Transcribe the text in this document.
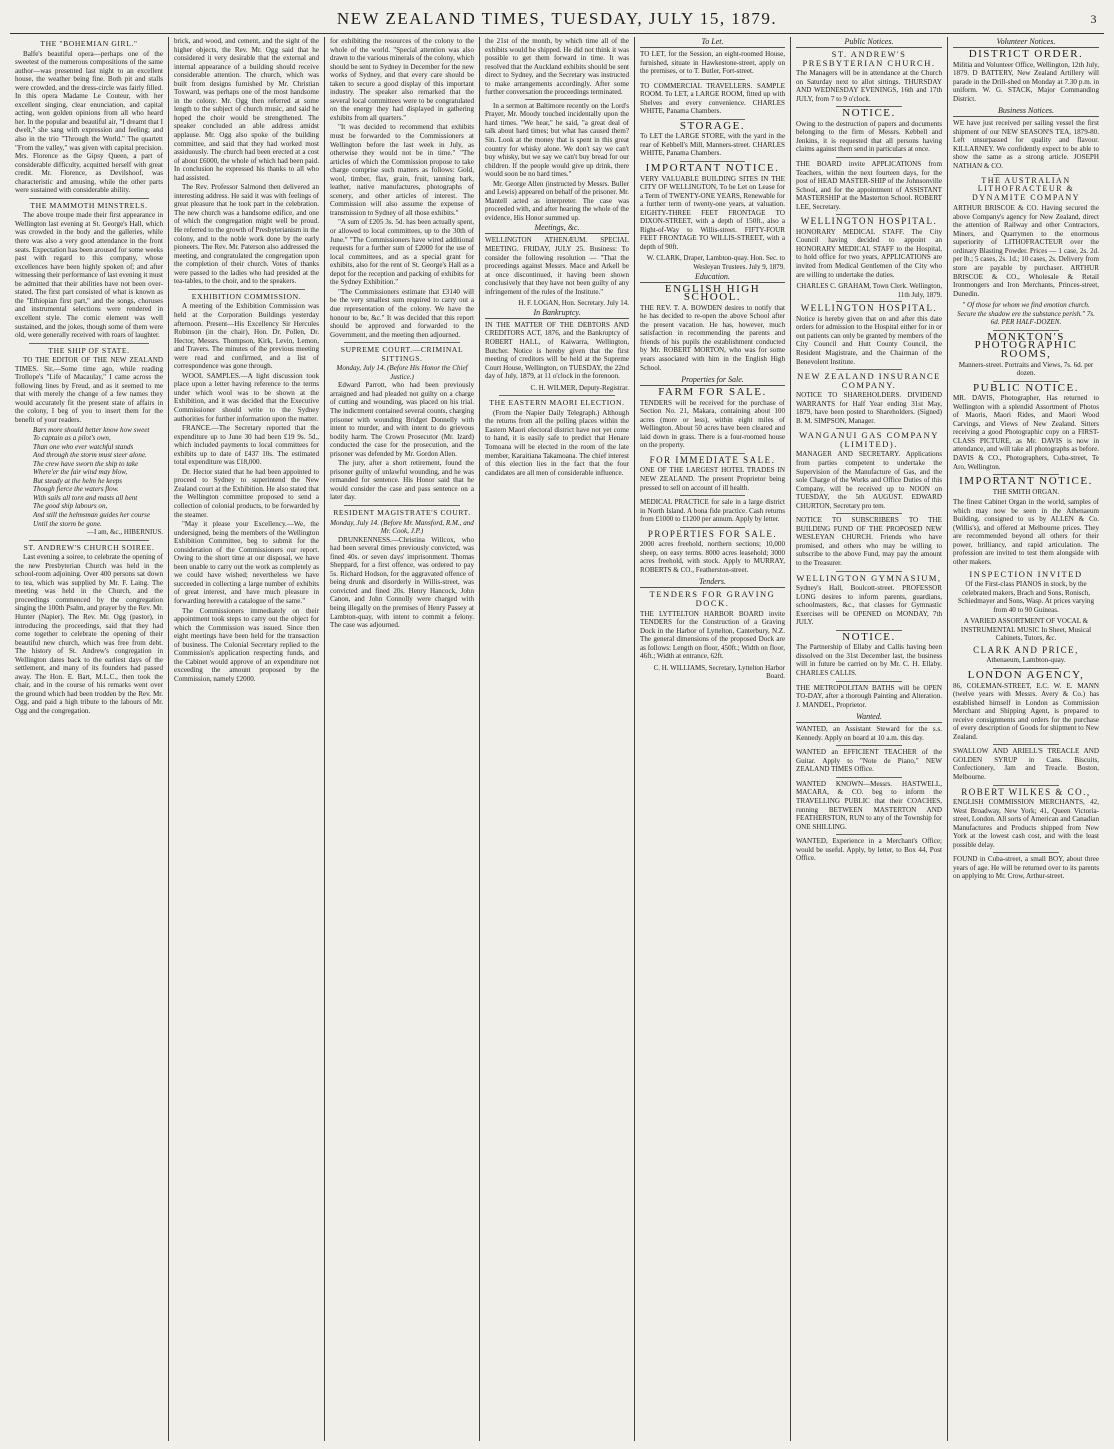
NEW ZEALAND TIMES, TUESDAY, JULY 15, 1879.	3
THE "BOHEMIAN GIRL."

Balfe's beautiful opera—perhaps one of the sweetest of the numerous compositions of the same author—was presented last night to an excellent house, the weather being fine. Both pit and stalls were crowded, and the dress-circle was fairly filled. In this opera Madame Le Couteur, with her excellent singing, clear enunciation, and capital acting, won golden opinions from all who heard her. In the popular and beautiful air, "I dreamt that I dwelt," she sang with expression and feeling; and also in the trio "Through the World." The quartett "From the valley," was given with capital precision. Mrs. Florence as the Gipsy Queen, a part of considerable difficulty, acquitted herself with great credit. Mr. Florence, as Devilshoof, was characteristic and amusing, while the other parts were sustained with considerable ability.

THE MAMMOTH MINSTRELS.

The above troupe made their first appearance in Wellington last evening at St. George's Hall, which was crowded in the body and the galleries, while there was also a very good attendance in the front seats. Expectation has been aroused for some weeks past with regard to this company, whose excellences have been highly spoken of; and after witnessing their performance of last evening it must be admitted that their abilities have not been over-stated. The first part consisted of what is known as the "Ethiopian first part," and the songs, choruses and instrumental selections were rendered in excellent style. The comic element was well sustained, and the jokes, though some of them were old, were generally received with roars of laughter.

THE SHIP OF STATE.

TO THE EDITOR OF THE NEW ZEALAND TIMES. Sir,—Some time ago, while reading Trollope's "Life of Macaulay," I came across the following lines by Freud, and as it seemed to me that with merely the change of a few names they would accurately fit the present state of affairs in the colony, I beg of you to insert them for the benefit of your readers.

Bars more should better know how sweet
To captain as a pilot's own,
Than one who ever watchful stands
And through the storm must steer alone.
The crew have sworn the ship to take
Where'er the fair wind may blow,
But steady at the helm he keeps
Though fierce the waters flow.
With sails all torn and masts all bent
The good ship labours on,
And still the helmsman guides her course
Until the storm be gone.
—I am, &c., HIBERNIUS.
ST. ANDREW'S CHURCH SOIREE.

Last evening a soiree, to celebrate the opening of the new Presbyterian Church was held in the school-room adjoining. Over 400 persons sat down to tea, which was supplied by Mr. F. Laing. The meeting was held in the Church, and the proceedings commenced by the congregation singing the 100th Psalm, and prayer by the Rev. Mr. Hunter (Napier). The Rev. Mr. Ogg (pastor), in introducing the proceedings, said that they had come together to celebrate the opening of their beautiful new church, which was free from debt. The history of St. Andrew's congregation in Wellington dates back to the earliest days of the settlement, and many of its founders had passed away. The Hon. E. Bart, M.L.C., then took the chair, and in the course of his remarks went over the ground which had been trodden by the Rev. Mr. Ogg, and paid a high tribute to the labours of Mr. Ogg and the congregation.

brick, and wood, and cement, and the sight of the higher objects, the Rev. Mr. Ogg said that he considered it very desirable that the external and internal appearance of a building should receive considerable attention. The church, which was built from designs furnished by Mr. Christian Toxward, was perhaps one of the most handsome in the colony. Mr. Ogg then referred at some length to the subject of church music, and said he hoped the choir would be strengthened. The speaker concluded an able address amidst applause. Mr. Ogg also spoke of the building committee, and said that they had worked most assiduously. The church had been erected at a cost of about £6000, the whole of which had been paid. In conclusion he expressed his thanks to all who had assisted.

The Rev. Professor Salmond then delivered an interesting address. He said it was with feelings of great pleasure that he took part in the celebration. The new church was a handsome edifice, and one of which the congregation might well be proud. He referred to the growth of Presbyterianism in the colony, and to the noble work done by the early pioneers. The Rev. Mr. Paterson also addressed the meeting, and congratulated the congregation upon the completion of their church. Votes of thanks were passed to the ladies who had presided at the tea-tables, to the choir, and to the speakers.

EXHIBITION COMMISSION.

A meeting of the Exhibition Commission was held at the Corporation Buildings yesterday afternoon. Present—His Excellency Sir Hercules Robinson (in the chair), Hon. Dr. Pollen, Dr. Hector, Messrs. Thompson, Kirk, Levin, Lemon, and Travers. The minutes of the previous meeting were read and confirmed, and a list of correspondence was gone through.

WOOL SAMPLES.—A light discussion took place upon a letter having reference to the terms under which wool was to be shown at the Exhibition, and it was decided that the Executive Commissioner should write to the Sydney authorities for further information upon the matter.

FRANCE.—The Secretary reported that the expenditure up to June 30 had been £19 9s. 5d., which included payments to local committees for exhibits up to date of £437 10s. The estimated total expenditure was £18,000.

Dr. Hector stated that he had been appointed to proceed to Sydney to superintend the New Zealand court at the Exhibition. He also stated that the Wellington committee proposed to send a collection of colonial products, to be forwarded by the steamer.

"May it please your Excellency.—We, the undersigned, being the members of the Wellington Exhibition Committee, beg to submit for the consideration of the Commissioners our report. Owing to the short time at our disposal, we have been unable to carry out the work as completely as we could have wished; nevertheless we have succeeded in collecting a large number of exhibits of great interest, and have much pleasure in forwarding herewith a catalogue of the same."

The Commissioners immediately on their appointment took steps to carry out the object for which the Commission was issued. Since then eight meetings have been held for the transaction of business. The Colonial Secretary replied to the Commission's application respecting funds, and the Cabinet would approve of an expenditure not exceeding the amount proposed by the Commission, namely £2000.

for exhibiting the resources of the colony to the whole of the world. "Special attention was also drawn to the various minerals of the colony, which should be sent to Sydney in December for the new works of Sydney, and that every care should be taken to secure a good display of this important industry. The speaker also remarked that the several local committees were to be congratulated on the energy they had displayed in gathering exhibits from all quarters."

"It was decided to recommend that exhibits must be forwarded to the Commissioners at Wellington before the last week in July, as otherwise they would not be in time." "The articles of which the Commission propose to take charge comprise such matters as follows: Gold, wool, timber, flax, grain, fruit, tanning bark, leather, native manufactures, photographs of scenery, and other articles of interest. The Commission will also assume the expense of transmission to Sydney of all those exhibits."

"A sum of £205 3s. 5d. has been actually spent, or allowed to local committees, up to the 30th of June." "The Commissioners have wired additional requests for a further sum of £2000 for the use of local committees, and as a special grant for exhibits, also for the rent of St. George's Hall as a depot for the reception and packing of exhibits for the Sydney Exhibition."

"The Commissioners estimate that £3140 will be the very smallest sum required to carry out a due representation of the colony. We have the honour to be, &c." It was decided that this report should be approved and forwarded to the Government, and the meeting then adjourned.

SUPREME COURT.—CRIMINAL SITTINGS.
Monday, July 14. (Before His Honor the Chief Justice.)

Edward Parrott, who had been previously arraigned and had pleaded not guilty on a charge of cutting and wounding, was placed on his trial. The indictment contained several counts, charging prisoner with wounding Bridget Donnelly with intent to murder, and with intent to do grievous bodily harm. The Crown Prosecutor (Mr. Izard) conducted the case for the prosecution, and the prisoner was defended by Mr. Gordon Allen.

The jury, after a short retirement, found the prisoner guilty of unlawful wounding, and he was remanded for sentence. His Honor said that he would consider the case and pass sentence on a later day.

RESIDENT MAGISTRATE'S COURT.
Monday, July 14. (Before Mr. Mansford, R.M., and Mr. Cook, J.P.)

DRUNKENNESS.—Christina Willcox, who had been several times previously convicted, was fined 40s. or seven days' imprisonment. Thomas Sheppard, for a first offence, was ordered to pay 5s. Richard Hodson, for the aggravated offence of being drunk and disorderly in Willis-street, was convicted and fined 20s. Henry Hancock, John Canon, and John Connolly were charged with being illegally on the premises of Henry Passey at Lambton-quay, with intent to commit a felony. The case was adjourned.

the 21st of the month, by which time all of the exhibits would be shipped. He did not think it was possible to get them forward in time. It was resolved that the Auckland exhibits should be sent direct to Sydney, and the Secretary was instructed to make arrangements accordingly. After some further conversation the proceedings terminated.

In a sermon at Baltimore recently on the Lord's Prayer, Mr. Moody touched incidentally upon the hard times. "We hear," he said, "a great deal of talk about hard times; but what has caused them? Sin. Look at the money that is spent in this great country for whisky alone. We don't say we can't buy whisky, but we say we can't buy bread for our children. If the people would give up drink, there would soon be no hard times."

Mr. George Allen (instructed by Messrs. Buller and Lewis) appeared on behalf of the prisoner. Mr. Mantell acted as interpreter. The case was proceeded with, and after hearing the whole of the evidence, His Honor summed up.

Meetings, &c.
WELLINGTON ATHENÆUM. SPECIAL MEETING. FRIDAY, JULY 25. Business: To consider the following resolution — "That the proceedings against Messrs. Mace and Arkell be at once discontinued, it having been shown conclusively that they have not been guilty of any infringement of the rules of the Institute."
H. F. LOGAN, Hon. Secretary. July 14.
In Bankruptcy.
IN THE MATTER OF THE DEBTORS AND CREDITORS ACT, 1876, and the Bankruptcy of ROBERT HALL, of Kaiwarra, Wellington, Butcher. Notice is hereby given that the first meeting of creditors will be held at the Supreme Court House, Wellington, on TUESDAY, the 22nd day of July, 1879, at 11 o'clock in the forenoon.
C. H. WILMER, Deputy-Registrar.
THE EASTERN MAORI ELECTION.

(From the Napier Daily Telegraph.) Although the returns from all the polling places within the Eastern Maori electoral district have not yet come to hand, it is easily safe to predict that Henare Tomoana will be elected in the room of the late member, Karaitiana Takamoana. The chief interest of this election lies in the fact that the four candidates are all men of considerable influence.

To Let.
TO LET, for the Session, an eight-roomed House, furnished, situate in Hawkestone-street, apply on the premises, or to T. Butler, Fort-street.
TO COMMERCIAL TRAVELLERS. SAMPLE ROOM. To LET, a LARGE ROOM, fitted up with Shelves and every convenience. CHARLES WHITE, Panama Chambers.
STORAGE.
To LET the LARGE STORE, with the yard in the rear of Kebbell's Mill, Manners-street. CHARLES WHITE, Panama Chambers.
IMPORTANT NOTICE.
VERY VALUABLE BUILDING SITES IN THE CITY OF WELLINGTON, To be Let on Lease for a Term of TWENTY-ONE YEARS, Renewable for a further term of twenty-one years, at valuation. EIGHTY-THREE FEET FRONTAGE TO DIXON-STREET, with a depth of 150ft., also a Right-of-Way to Willis-street. FIFTY-FOUR FEET FRONTAGE TO WILLIS-STREET, with a depth of 90ft.
W. CLARK, Draper, Lambton-quay. Hon. Sec. to Wesleyan Trustees. July 9, 1879.
Education.
ENGLISH HIGH SCHOOL.
THE REV. T. A. BOWDEN desires to notify that he has decided to re-open the above School after the present vacation. He has, however, much satisfaction in recommending the parents and friends of his pupils the establishment conducted by Mr. ROBERT MORTON, who was for some years associated with him in the English High School.
Properties for Sale.
FARM FOR SALE.
TENDERS will be received for the purchase of Section No. 21, Makara, containing about 100 acres (more or less), within eight miles of Wellington. About 50 acres have been cleared and laid down in grass. There is a four-roomed house on the property.
FOR IMMEDIATE SALE.
ONE OF THE LARGEST HOTEL TRADES IN NEW ZEALAND. The present Proprietor being pressed to sell on account of ill health.
MEDICAL PRACTICE for sale in a large district in North Island. A bona fide practice. Cash returns from £1000 to £1200 per annum. Apply by letter.
PROPERTIES FOR SALE.
2000 acres freehold, northern sections; 10,000 sheep, on easy terms. 8000 acres leasehold; 3000 acres freehold, with stock. Apply to MURRAY, ROBERTS & CO., Featherston-street.
Tenders.
TENDERS FOR GRAVING DOCK.
THE LYTTELTON HARBOR BOARD invite TENDERS for the Construction of a Graving Dock in the Harbor of Lyttelton, Canterbury, N.Z. The general dimensions of the proposed Dock are as follows: Length on floor, 450ft.; Width on floor, 46ft.; Width at entrance, 62ft.
C. H. WILLIAMS, Secretary, Lyttelton Harbor Board.
Public Notices.
ST. ANDREW'S PRESBYTERIAN CHURCH.
The Managers will be in attendance at the Church on Saturday next to allot sittings. THURSDAY AND WEDNESDAY EVENINGS, 16th and 17th JULY, from 7 to 9 o'clock.
NOTICE.
Owing to the destruction of papers and documents belonging to the firm of Messrs. Kebbell and Jenkins, it is requested that all persons having claims against them send in particulars at once.
THE BOARD invite APPLICATIONS from Teachers, within the next fourteen days, for the post of HEAD MASTER-SHIP of the Johnsonville School, and for the appointment of ASSISTANT MASTERSHIP at the Masterton School. ROBERT LEE, Secretary.
WELLINGTON HOSPITAL.
HONORARY MEDICAL STAFF. The City Council having decided to appoint an HONORARY MEDICAL STAFF to the Hospital, to hold office for two years, APPLICATIONS are invited from Medical Gentlemen of the City who are willing to undertake the duties.
CHARLES C. GRAHAM, Town Clerk. Wellington, 11th July, 1879.
WELLINGTON HOSPITAL.
Notice is hereby given that on and after this date orders for admission to the Hospital either for in or out patients can only be granted by members of the City Council and Hutt County Council, the Resident Magistrate, and the Chairman of the Benevolent Institute.
NEW ZEALAND INSURANCE COMPANY.
NOTICE TO SHAREHOLDERS. DIVIDEND WARRANTS for Half Year ending 31st May, 1879, have been posted to Shareholders. (Signed) B. M. SIMPSON, Manager.
WANGANUI GAS COMPANY (LIMITED).
MANAGER AND SECRETARY. Applications from parties competent to undertake the Supervision of the Manufacture of Gas, and the sole Charge of the Works and Office Duties of this Company, will be received up to NOON on TUESDAY, the 5th AUGUST. EDWARD CHURTON, Secretary pro tem.
NOTICE TO SUBSCRIBERS TO THE BUILDING FUND OF THE PROPOSED NEW WESLEYAN CHURCH. Friends who have promised, and others who may be willing to subscribe to the above Fund, may pay the amount to the Treasurer.
WELLINGTON GYMNASIUM,
Sydney's Hall, Boulcott-street. PROFESSOR LONG desires to inform parents, guardians, schoolmasters, &c., that classes for Gymnastic Exercises will be OPENED on MONDAY, 7th JULY.
NOTICE.
The Partnership of Ellaby and Callis having been dissolved on the 31st December last, the business will in future be carried on by Mr. C. H. Ellaby. CHARLES CALLIS.
THE METROPOLITAN BATHS will be OPEN TO-DAY, after a thorough Painting and Alteration. J. MANDEL, Proprietor.
Wanted.
WANTED, an Assistant Steward for the s.s. Kennedy. Apply on board at 10 a.m. this day.
WANTED an EFFICIENT TEACHER of the Guitar. Apply to "Note de Piano," NEW ZEALAND TIMES Office.
WANTED KNOWN—Messrs. HASTWELL, MACARA, & CO. beg to inform the TRAVELLING PUBLIC that their COACHES, running BETWEEN MASTERTON AND FEATHERSTON, RUN to any of the Township for ONE SHILLING.
WANTED, Experience in a Merchant's Office; would be useful. Apply, by letter, to Box 44, Post Office.
Volunteer Notices.
DISTRICT ORDER.
Militia and Volunteer Office, Wellington, 12th July, 1879. D BATTERY, New Zealand Artillery will parade in the Drill-shed on Monday at 7.30 p.m. in uniform. W. G. STACK, Major Commanding District.
Business Notices.
WE have just received per sailing vessel the first shipment of our NEW SEASON'S TEA, 1879-80. Left unsurpassed for quality and flavour. KILLARNEY. We confidently expect to be able to show the same as a strong article. JOSEPH NATHAN & CO.
THE AUSTRALIAN LITHOFRACTEUR & DYNAMITE COMPANY
ARTHUR BRISCOE & CO. Having secured the above Company's agency for New Zealand, direct the attention of Railway and other Contractors, Miners, and Quarrymen to the enormous superiority of LITHOFRACTEUR over the ordinary Blasting Powder. Prices — 1 case, 2s. 2d. per lb.; 5 cases, 2s. 1d.; 10 cases, 2s. Delivery from store are payable by purchaser. ARTHUR BRISCOE & CO., Wholesale & Retail Ironmongers and Iron Merchants, Princes-street, Dunedin.
" Of those for whom we find emotion church. Secure the shadow ere the substance perish." 7s. 6d. PER HALF-DOZEN.
MONKTON'S PHOTOGRAPHIC ROOMS,
Manners-street. Portraits and Views, 7s. 6d. per dozen.
PUBLIC NOTICE.
MR. DAVIS, Photographer, Has returned to Wellington with a splendid Assortment of Photos of Maoris, Maori Rides, and Maori Wood Carvings, and Views of New Zealand. Sitters receiving a good Photographic copy on a FIRST-CLASS PICTURE, as Mr. DAVIS is now in attendance, and will take all photographs as before. DAVIS & CO., Photographers, Cuba-street, Te Aro, Wellington.
IMPORTANT NOTICE.
THE SMITH ORGAN.
The finest Cabinet Organ in the world, samples of which may now be seen in the Athenaeum Building, consigned to us by ALLEN & Co. (Willis's), and offered at Melbourne prices. They are recommended beyond all others for their power, brilliancy, and rapid articulation. The profession are invited to test them alongside with other makers.
INSPECTION INVITED
Of the First-class PIANOS in stock, by the celebrated makers, Brach and Sons, Ronisch, Schiedmayer and Sons, Wasp. At prices varying from 40 to 90 Guineas.
A VARIED ASSORTMENT OF VOCAL & INSTRUMENTAL MUSIC In Sheet, Musical Cabinets, Tutors, &c.
CLARK AND PRICE,
Athenaeum, Lambton-quay.
LONDON AGENCY,
86, COLEMAN-STREET, E.C. W. E. MANN (twelve years with Messrs. Avery & Co.) has established himself in London as Commission Merchant and Shipping Agent, is prepared to receive consignments and orders for the purchase of every description of Goods for shipment to New Zealand.
SWALLOW AND ARIELL'S TREACLE AND GOLDEN SYRUP in Cans. Biscuits, Confectionery, Jam and Treacle. Boston, Melbourne.
ROBERT WILKES & CO.,
ENGLISH COMMISSION MERCHANTS, 42, West Broadway, New York; 41, Queen Victoria-street, London. All sorts of American and Canadian Manufactures and Products shipped from New York at the lowest cash cost, and with the least possible delay.
FOUND in Cuba-street, a small BOY, about three years of age. He will be returned over to its parents on applying to Mr. Crow, Arthur-street.
